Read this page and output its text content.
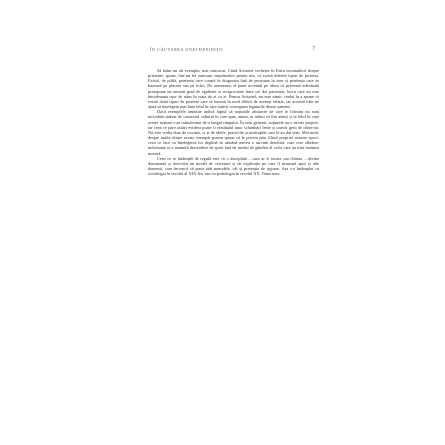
ÎN CĂUTAREA UNEI DEFINIȚII	7

Să luăm un alt exemplu, mai cunoscut. Când Aristotel vorbește în Etica nicomahică despre prietenie, spune, într-un fel oarecum surprinzător pentru noi, că există diferite tipuri de prieteni. Există, de pildă, prietenia care constă în dragostea față de persoana în sine și prietenia care se bazează pe plăcere sau pe folos. De asemenea, el pune accentul pe ideea că prietenia adevărată presupune un anumit grad de egalitate și reciprocitate între cei doi parteneri, lucru care nu este întotdeauna ușor de atins în viața de zi cu zi. Pentru Aristotel, nu este nimic ciudat în a spune că există două tipuri de prieteni care se bucură în mod diferit de aceeași relație, iar această idee ne ajută să înțelegem mai bine felul în care anticii concepeau legăturile dintre oameni.

Dacă exemplele amintite indică faptul că noțiunile abstracte pe care le folosim nu sunt niciodată străine de contextul cultural în care apar, atunci ar trebui să fim atenți și la felul în care aceste noțiuni s-au transformat de-a lungul timpului. În sens general, noțiunile au o istorie proprie, iar ceea ce pare astăzi evident poate fi rezultatul unor schimbări lente și uneori greu de observat. Nu este vorba doar de cuvinte, ci și de ideile, practicile și instituțiile care le-au dat sens. Mai mult, despre multe dintre aceste exemple putem spune că le privim prin filtrul propriei noastre epoci, ceea ce face ca înțelegerea lor deplină să rămână mereu o sarcină deschisă, care cere răbdare, informație și o anumită deschidere de spirit față de modul de gândire al celor care au trăit înaintea noastră.

Ceea ce se întâmplă de regulă este că o disciplină – cum ar fi istoria sau chimia – devine dominantă și dezvoltă un model de cercetare și de explicație pe care îl urmează apoi și alte domenii, care încearcă să preia atât metodele, cât și pretenția de rigoare. Așa s-a întâmplat cu sociologia în secolul al XIX-lea, sau cu psihologia în secolul XX. Tema mea
